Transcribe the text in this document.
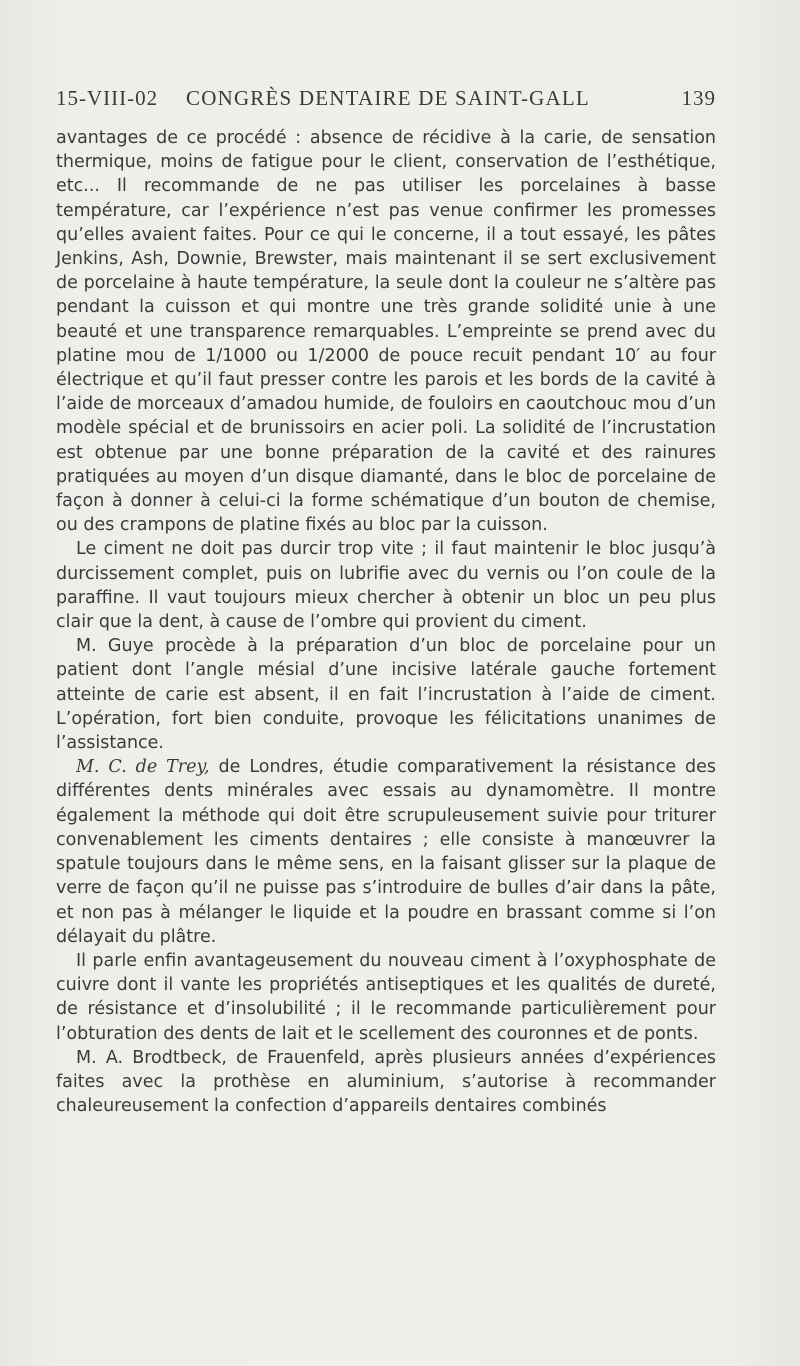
15-VIII-02 CONGRÈS DENTAIRE DE SAINT-GALL	139

avantages de ce procédé : absence de récidive à la carie, de sensation thermique, moins de fatigue pour le client, conservation de l’esthétique, etc... Il recommande de ne pas utiliser les porcelaines à basse température, car l’expérience n’est pas venue confirmer les promesses qu’elles avaient faites. Pour ce qui le concerne, il a tout essayé, les pâtes Jenkins, Ash, Downie, Brewster, mais maintenant il se sert exclusivement de porcelaine à haute température, la seule dont la couleur ne s’altère pas pendant la cuisson et qui montre une très grande solidité unie à une beauté et une transparence remarquables. L’empreinte se prend avec du platine mou de 1/1000 ou 1/2000 de pouce recuit pendant 10′ au four électrique et qu’il faut presser contre les parois et les bords de la cavité à l’aide de morceaux d’amadou humide, de fouloirs en caoutchouc mou d’un modèle spécial et de brunissoirs en acier poli. La solidité de l’incrustation est obtenue par une bonne préparation de la cavité et des rainures pratiquées au moyen d’un disque diamanté, dans le bloc de porcelaine de façon à donner à celui-ci la forme schématique d’un bouton de chemise, ou des crampons de platine fixés au bloc par la cuisson.

Le ciment ne doit pas durcir trop vite ; il faut maintenir le bloc jusqu’à durcissement complet, puis on lubrifie avec du vernis ou l’on coule de la paraffine. Il vaut toujours mieux chercher à obtenir un bloc un peu plus clair que la dent, à cause de l’ombre qui provient du ciment.

M. Guye procède à la préparation d’un bloc de porcelaine pour un patient dont l’angle mésial d’une incisive latérale gauche fortement atteinte de carie est absent, il en fait l’incrustation à l’aide de ciment. L’opération, fort bien conduite, provoque les félicitations unanimes de l’assistance.

M. C. de Trey, de Londres, étudie comparativement la résistance des différentes dents minérales avec essais au dynamomètre. Il montre également la méthode qui doit être scrupuleusement suivie pour triturer convenablement les ciments dentaires ; elle consiste à manœuvrer la spatule toujours dans le même sens, en la faisant glisser sur la plaque de verre de façon qu’il ne puisse pas s’introduire de bulles d’air dans la pâte, et non pas à mélanger le liquide et la poudre en brassant comme si l’on délayait du plâtre.

Il parle enfin avantageusement du nouveau ciment à l’oxyphosphate de cuivre dont il vante les propriétés antiseptiques et les qualités de dureté, de résistance et d’insolubilité ; il le recommande particulièrement pour l’obturation des dents de lait et le scellement des couronnes et de ponts.

M. A. Brodtbeck, de Frauenfeld, après plusieurs années d’expériences faites avec la prothèse en aluminium, s’autorise à recommander chaleureusement la confection d’appareils dentaires combinés
